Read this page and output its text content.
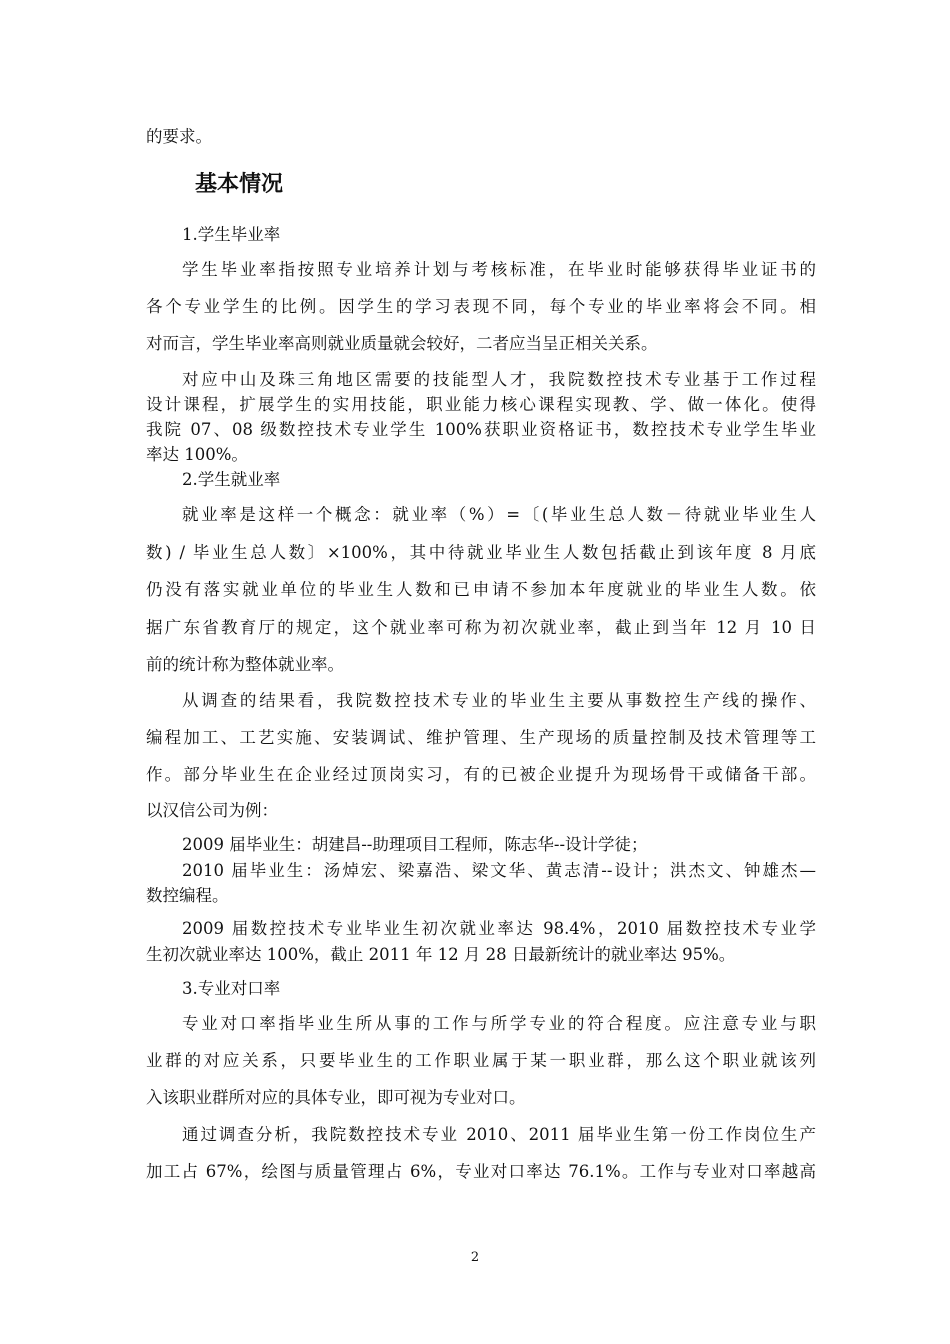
的要求。
基本情况
1.学生毕业率
学生毕业率指按照专业培养计划与考核标准，在毕业时能够获得毕业证书的
各个专业学生的比例。因学生的学习表现不同，每个专业的毕业率将会不同。相
对而言，学生毕业率高则就业质量就会较好，二者应当呈正相关关系。
对应中山及珠三角地区需要的技能型人才，我院数控技术专业基于工作过程
设计课程，扩展学生的实用技能，职业能力核心课程实现教、学、做一体化。使得
我院 07、08 级数控技术专业学生 100%获职业资格证书，数控技术专业学生毕业
率达 100%。
2.学生就业率
就业率是这样一个概念：就业率（%）=〔(毕业生总人数－待就业毕业生人
数) / 毕业生总人数〕×100%，其中待就业毕业生人数包括截止到该年度 8 月底
仍没有落实就业单位的毕业生人数和已申请不参加本年度就业的毕业生人数。依
据广东省教育厅的规定，这个就业率可称为初次就业率，截止到当年 12 月 10 日
前的统计称为整体就业率。
从调查的结果看，我院数控技术专业的毕业生主要从事数控生产线的操作、
编程加工、工艺实施、安装调试、维护管理、生产现场的质量控制及技术管理等工
作。部分毕业生在企业经过顶岗实习，有的已被企业提升为现场骨干或储备干部。
以汉信公司为例：
2009 届毕业生：胡建昌--助理项目工程师，陈志华--设计学徒；
2010 届毕业生：汤焯宏、梁嘉浩、梁文华、黄志清--设计；洪杰文、钟雄杰—
数控编程。
2009 届数控技术专业毕业生初次就业率达 98.4%，2010 届数控技术专业学
生初次就业率达 100%，截止 2011 年 12 月 28 日最新统计的就业率达 95%。
3.专业对口率
专业对口率指毕业生所从事的工作与所学专业的符合程度。应注意专业与职
业群的对应关系，只要毕业生的工作职业属于某一职业群，那么这个职业就该列
入该职业群所对应的具体专业，即可视为专业对口。
通过调查分析，我院数控技术专业 2010、2011 届毕业生第一份工作岗位生产
加工占 67%，绘图与质量管理占 6%，专业对口率达 76.1%。工作与专业对口率越高
2
